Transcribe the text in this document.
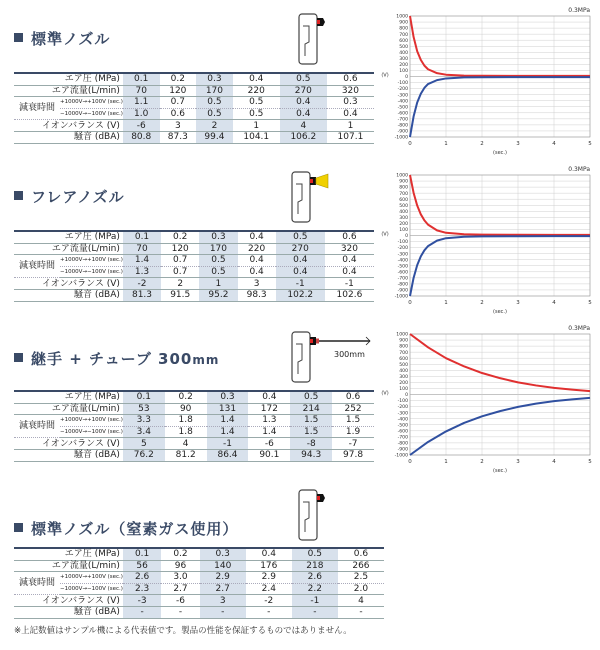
標準ノズル
エア圧 (MPa)		0.1	0.2	0.3	0.4	0.5	0.6
エア流量(L/min)		70	120	170	220	270	320
減衰時間	+1000V→+100V (sec.)	1.1	0.7	0.5	0.5	0.4	0.3
	−1000V→−100V (sec.)	1.0	0.6	0.5	0.5	0.4	0.4
イオンバランス (V)		-6	3	2	1	4	1
騒音 (dBA)		80.8	87.3	99.4	104.1	106.2	107.1
1000
900
800
700
600
500
400
300
200
100
0
-100
-200
-300
-400
-500
-600
-700
-800
-900
-1000
0	1	2	3	4	5
0.3MPa
(V)
(sec.)
フレアノズル
エア圧 (MPa)		0.1	0.2	0.3	0.4	0.5	0.6
エア流量(L/min)		70	120	170	220	270	320
減衰時間	+1000V→+100V (sec.)	1.4	0.7	0.5	0.4	0.4	0.4
	−1000V→−100V (sec.)	1.3	0.7	0.5	0.4	0.4	0.4
イオンバランス (V)		-2	2	1	3	-1	-1
騒音 (dBA)		81.3	91.5	95.2	98.3	102.2	102.6
1000
900
800
700
600
500
400
300
200
100
0
-100
-200
-300
-400
-500
-600
-700
-800
-900
-1000
0	1	2	3	4	5
0.3MPa
(V)
(sec.)
継手 + チューブ 300mm	300mm
エア圧 (MPa)		0.1	0.2	0.3	0.4	0.5	0.6
エア流量(L/min)		53	90	131	172	214	252
減衰時間	+1000V→+100V (sec.)	3.3	1.8	1.4	1.3	1.5	1.5
	−1000V→−100V (sec.)	3.4	1.8	1.4	1.4	1.5	1.9
イオンバランス (V)		5	4	-1	-6	-8	-7
騒音 (dBA)		76.2	81.2	86.4	90.1	94.3	97.8
1000
900
800
700
600
500
400
300
200
100
0
-100
-200
-300
-400
-500
-600
-700
-800
-900
-1000
0	1	2	3	4	5
0.3MPa
(V)
(sec.)
標準ノズル（窒素ガス使用）
エア圧 (MPa)		0.1	0.2	0.3	0.4	0.5	0.6
エア流量(L/min)		56	96	140	176	218	266
減衰時間	+1000V→+100V (sec.)	2.6	3.0	2.9	2.9	2.6	2.5
	−1000V→−100V (sec.)	2.3	2.7	2.7	2.4	2.2	2.0
イオンバランス (V)		-3	-6	3	-2	-1	4
騒音 (dBA)		-	-	-	-	-	-
※上記数値はサンプル機による代表値です。製品の性能を保証するものではありません。
